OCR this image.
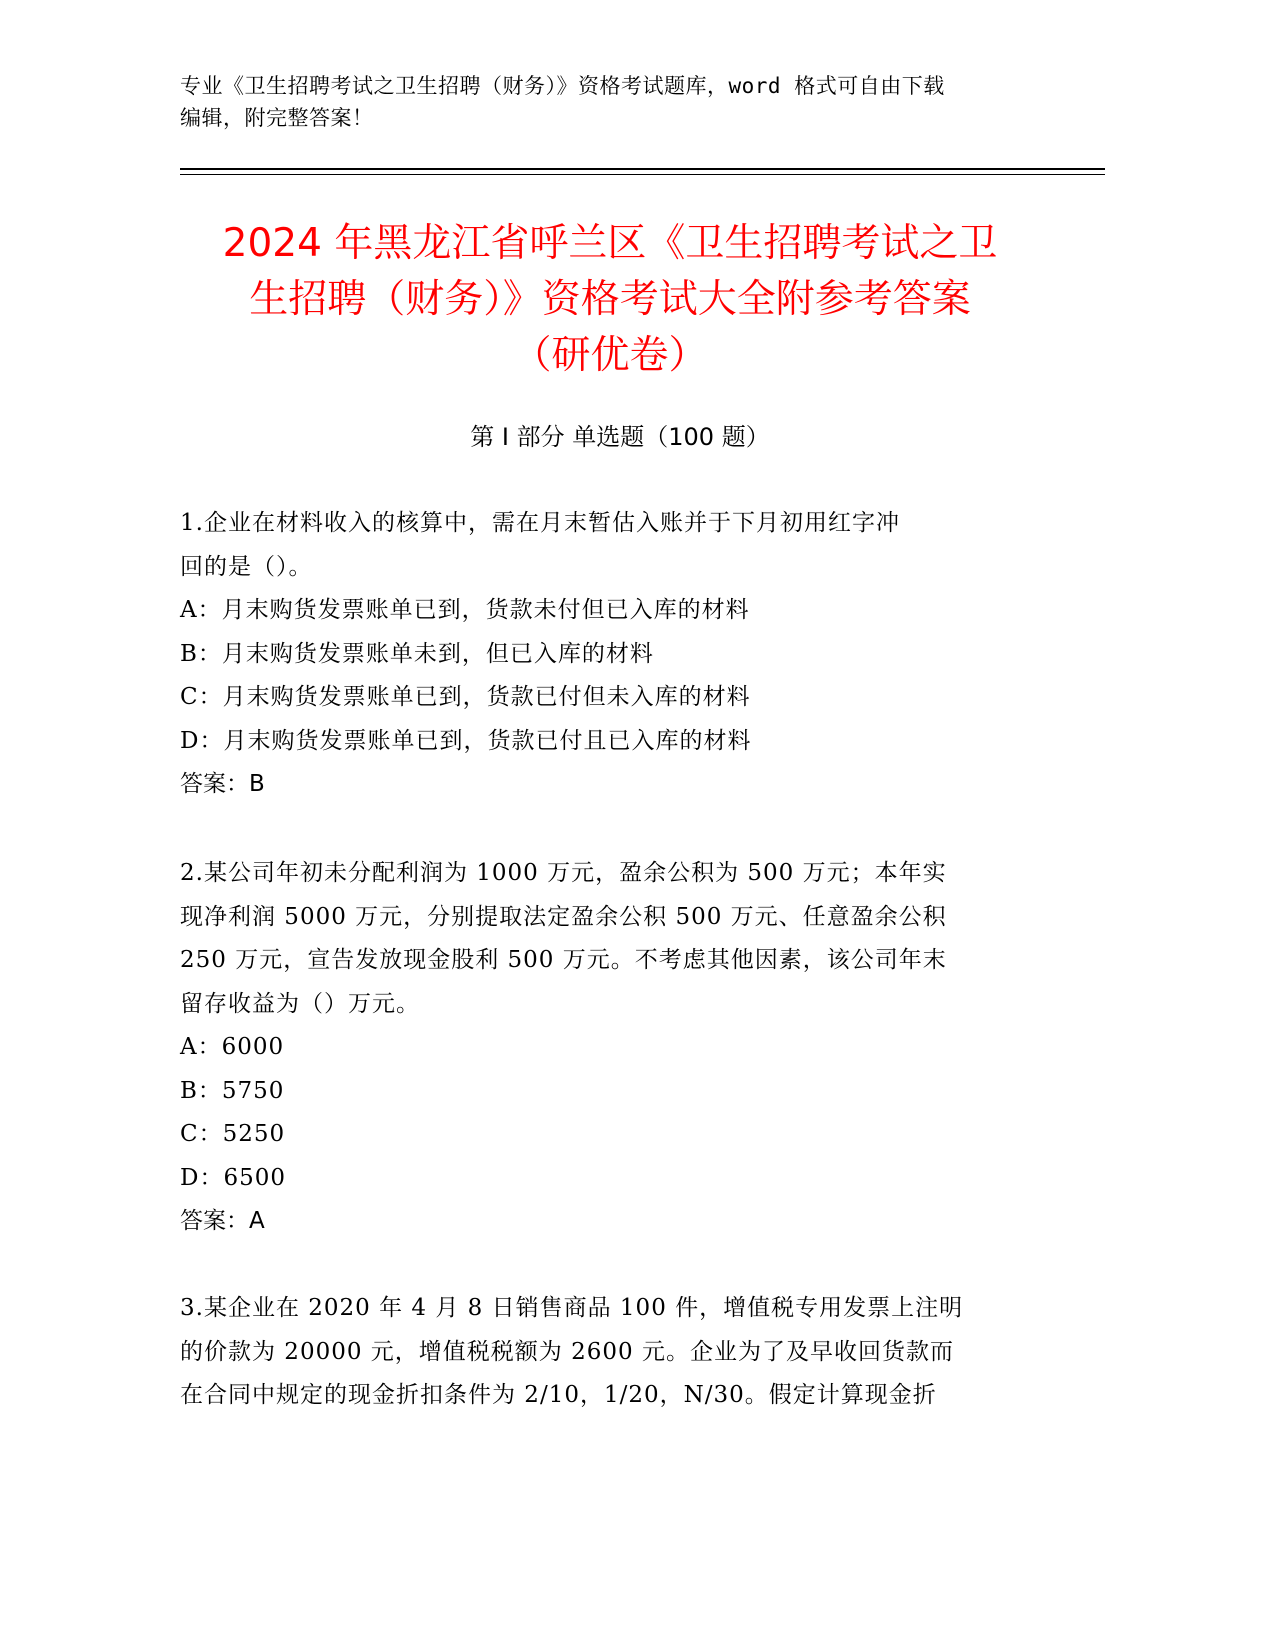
专业《卫生招聘考试之卫生招聘（财务）》资格考试题库，word 格式可自由下载
编辑，附完整答案！
2024 年黑龙江省呼兰区《卫生招聘考试之卫
生招聘（财务）》资格考试大全附参考答案
（研优卷）
第 I 部分 单选题（100 题）
1.企业在材料收入的核算中，需在月末暂估入账并于下月初用红字冲
回的是（）。
A：月末购货发票账单已到，货款未付但已入库的材料
B：月末购货发票账单未到，但已入库的材料
C：月末购货发票账单已到，货款已付但未入库的材料
D：月末购货发票账单已到，货款已付且已入库的材料
答案：B
2.某公司年初未分配利润为 1000 万元，盈余公积为 500 万元；本年实
现净利润 5000 万元，分别提取法定盈余公积 500 万元、任意盈余公积
250 万元，宣告发放现金股利 500 万元。不考虑其他因素，该公司年末
留存收益为（）万元。
A：6000
B：5750
C：5250
D：6500
答案：A
3.某企业在 2020 年 4 月 8 日销售商品 100 件，增值税专用发票上注明
的价款为 20000 元，增值税税额为 2600 元。企业为了及早收回货款而
在合同中规定的现金折扣条件为 2/10，1/20，N/30。假定计算现金折
